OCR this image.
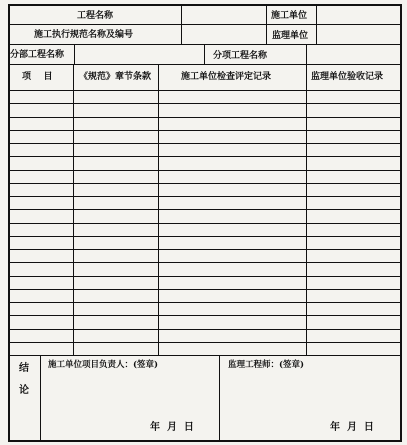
工程名称	施工单位
施工执行规范名称及编号	监理单位
分部工程名称	分项工程名称
项    目	《规范》章节条款	施工单位检查评定记录	监理单位验收记录
结论
施工单位项目负责人：(签章)	监理工程师：(签章)
年  月  日	年  月  日
